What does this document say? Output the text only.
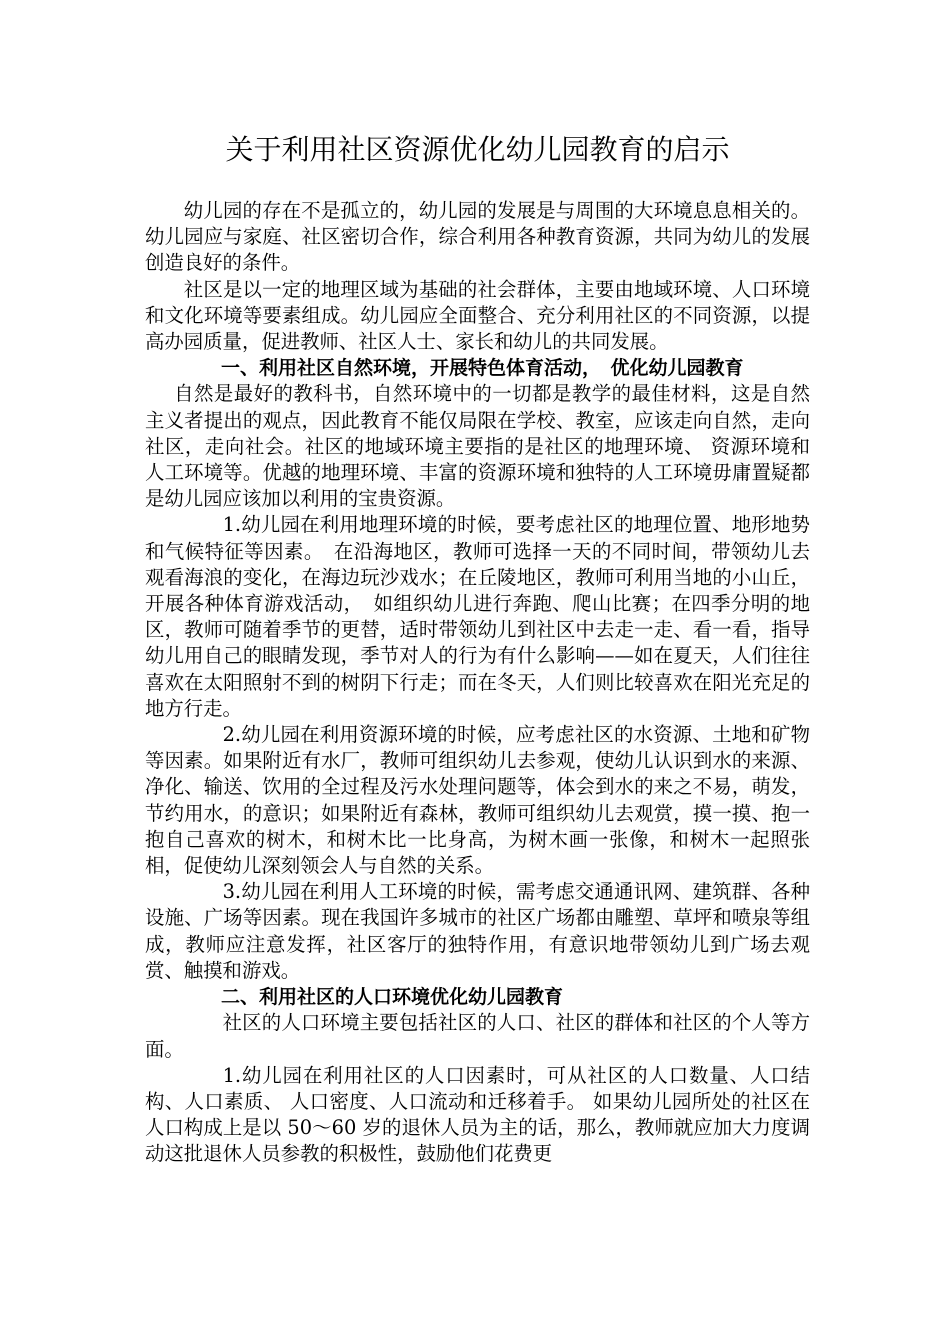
关于利用社区资源优化幼儿园教育的启示

幼儿园的存在不是孤立的，幼儿园的发展是与周围的大环境息息相关的。幼儿园应与家庭、社区密切合作，综合利用各种教育资源，共同为幼儿的发展创造良好的条件。

社区是以一定的地理区域为基础的社会群体，主要由地域环境、人口环境和文化环境等要素组成。幼儿园应全面整合、充分利用社区的不同资源，以提高办园质量，促进教师、社区人士、家长和幼儿的共同发展。

一、利用社区自然环境，开展特色体育活动，　优化幼儿园教育

自然是最好的教科书，自然环境中的一切都是教学的最佳材料，这是自然主义者提出的观点，因此教育不能仅局限在学校、教室，应该走向自然，走向社区，走向社会。社区的地域环境主要指的是社区的地理环境、 资源环境和人工环境等。优越的地理环境、丰富的资源环境和独特的人工环境毋庸置疑都是幼儿园应该加以利用的宝贵资源。

1.幼儿园在利用地理环境的时候，要考虑社区的地理位置、地形地势和气候特征等因素。　在沿海地区，教师可选择一天的不同时间，带领幼儿去观看海浪的变化，在海边玩沙戏水；在丘陵地区，教师可利用当地的小山丘，开展各种体育游戏活动，　如组织幼儿进行奔跑、爬山比赛；在四季分明的地区，教师可随着季节的更替，适时带领幼儿到社区中去走一走、看一看，指导幼儿用自己的眼睛发现，季节对人的行为有什么影响——如在夏天，人们往往喜欢在太阳照射不到的树阴下行走；而在冬天，人们则比较喜欢在阳光充足的地方行走。

2.幼儿园在利用资源环境的时候，应考虑社区的水资源、土地和矿物等因素。如果附近有水厂，教师可组织幼儿去参观，使幼儿认识到水的来源、净化、输送、饮用的全过程及污水处理问题等，体会到水的来之不易，萌发，节约用水，的意识；如果附近有森林，教师可组织幼儿去观赏，摸一摸、抱一抱自己喜欢的树木，和树木比一比身高，为树木画一张像，和树木一起照张相，促使幼儿深刻领会人与自然的关系。

3.幼儿园在利用人工环境的时候，需考虑交通通讯网、建筑群、各种设施、广场等因素。现在我国许多城市的社区广场都由雕塑、草坪和喷泉等组成，教师应注意发挥，社区客厅的独特作用，有意识地带领幼儿到广场去观赏、触摸和游戏。

二、利用社区的人口环境优化幼儿园教育

社区的人口环境主要包括社区的人口、社区的群体和社区的个人等方面。

1.幼儿园在利用社区的人口因素时，可从社区的人口数量、人口结构、人口素质、 人口密度、人口流动和迁移着手。 如果幼儿园所处的社区在人口构成上是以 50～60 岁的退休人员为主的话，那么，教师就应加大力度调动这批退休人员参教的积极性，鼓励他们花费更
